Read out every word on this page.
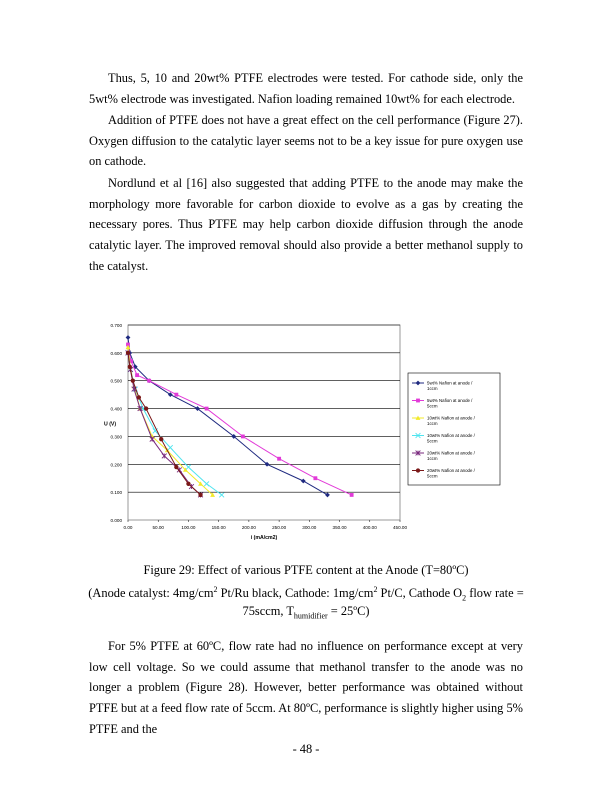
Thus, 5, 10 and 20wt% PTFE electrodes were tested. For cathode side, only the 5wt% electrode was investigated. Nafion loading remained 10wt% for each electrode.

Addition of PTFE does not have a great effect on the cell performance (Figure 27). Oxygen diffusion to the catalytic layer seems not to be a key issue for pure oxygen use on cathode.

Nordlund et al [16] also suggested that adding PTFE to the anode may make the morphology more favorable for carbon dioxide to evolve as a gas by creating the necessary pores. Thus PTFE may help carbon dioxide diffusion through the anode catalytic layer. The improved removal should also provide a better methanol supply to the catalyst.

0.000
0.100
0.200
0.300
0.400
0.500
0.600
0.700
0.00	50.00	100.00	150.00	200.00	250.00	300.00	350.00	400.00	450.00
i (mA/cm2)
U (V)
5wt% Nafion at anode /
1ccm
5wt% Nafion at anode /
5ccm
10wt% Nafion at anode /
1ccm
10wt% Nafion at anode /
5ccm
20wt% Nafion at anode /
1ccm
20wt% Nafion at anode /
5ccm

Figure 29: Effect of various PTFE content at the Anode (T=80ºC)

(Anode catalyst: $4mg/cm^2$ Pt/Ru black, Cathode: $1mg/cm^2$ Pt/C, Cathode $O_2$ flow rate =

75sccm, $T_{humidifier}$ = 25ºC)

For 5% PTFE at 60ºC, flow rate had no influence on performance except at very low cell voltage. So we could assume that methanol transfer to the anode was no longer a problem (Figure 28). However, better performance was obtained without PTFE but at a feed flow rate of 5ccm. At 80ºC, performance is slightly higher using 5% PTFE and the

- 48 -
